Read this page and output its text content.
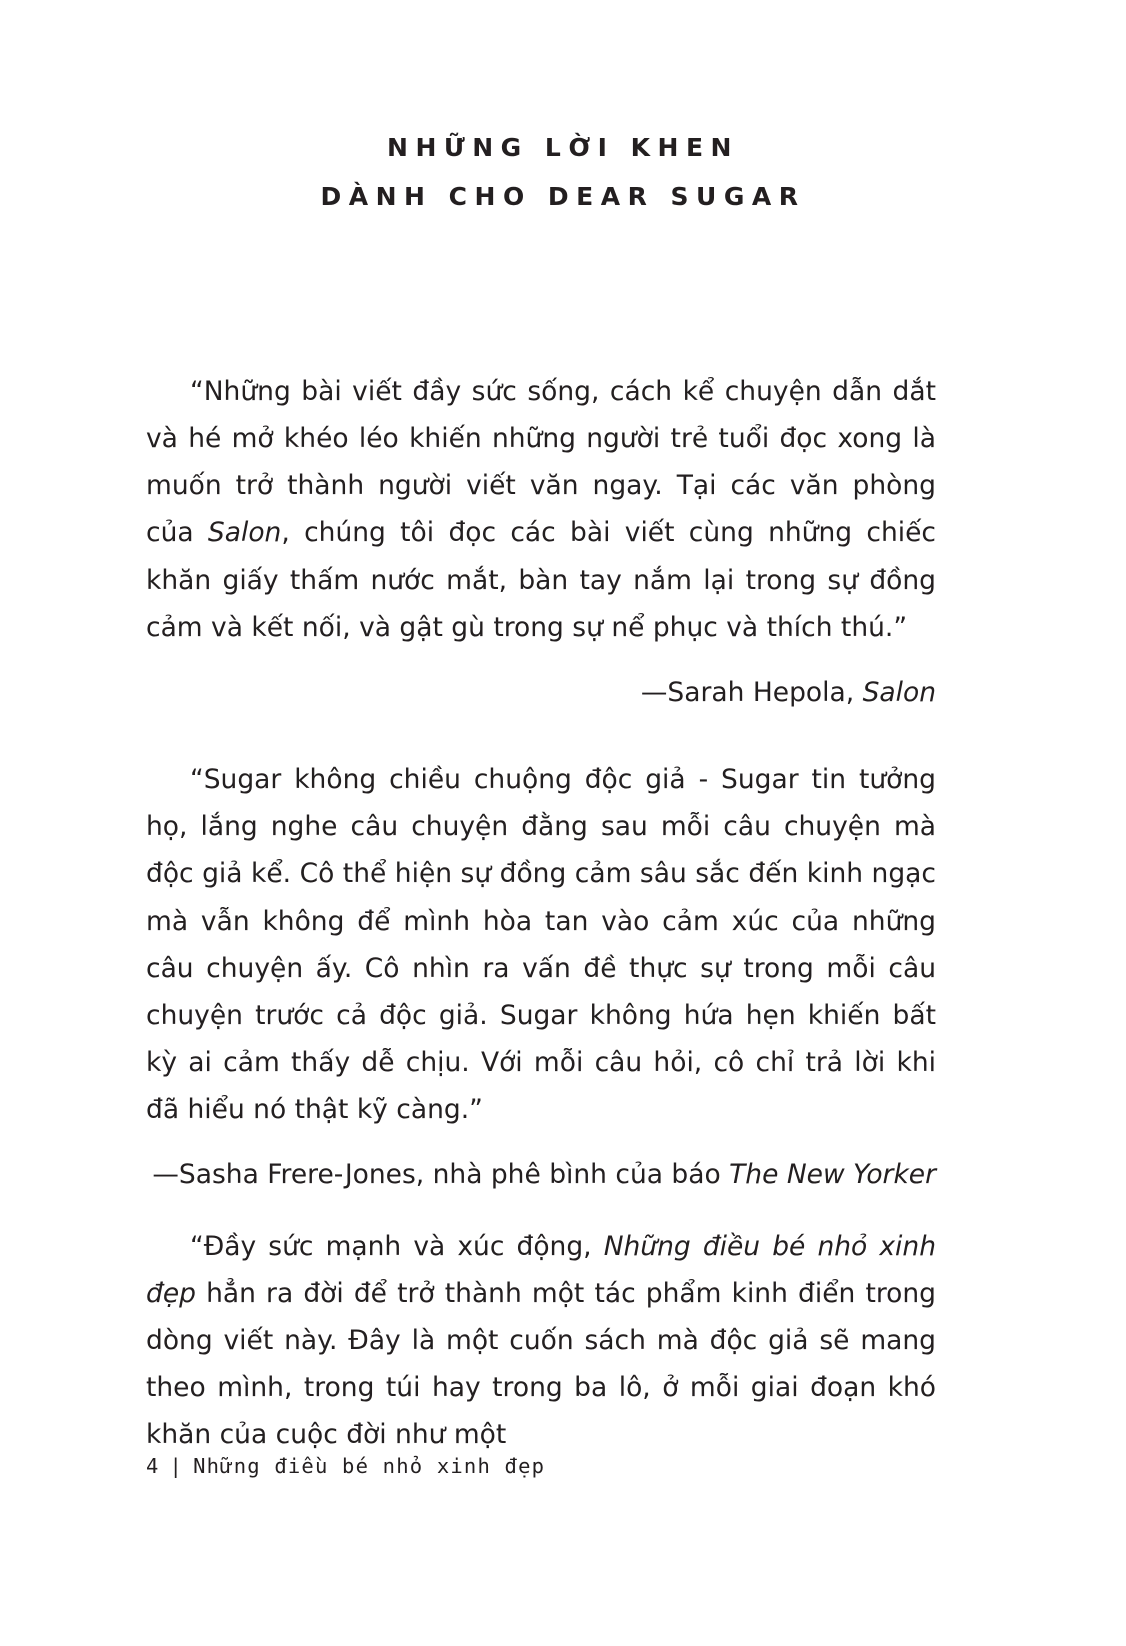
NHỮNG LỜI KHEN
DÀNH CHO DEAR SUGAR

“Những bài viết đầy sức sống, cách kể chuyện dẫn dắt và hé mở khéo léo khiến những người trẻ tuổi đọc xong là muốn trở thành người viết văn ngay. Tại các văn phòng của Salon, chúng tôi đọc các bài viết cùng những chiếc khăn giấy thấm nước mắt, bàn tay nắm lại trong sự đồng cảm và kết nối, và gật gù trong sự nể phục và thích thú.”

—Sarah Hepola, Salon

“Sugar không chiều chuộng độc giả - Sugar tin tưởng họ, lắng nghe câu chuyện đằng sau mỗi câu chuyện mà độc giả kể. Cô thể hiện sự đồng cảm sâu sắc đến kinh ngạc mà vẫn không để mình hòa tan vào cảm xúc của những câu chuyện ấy. Cô nhìn ra vấn đề thực sự trong mỗi câu chuyện trước cả độc giả. Sugar không hứa hẹn khiến bất kỳ ai cảm thấy dễ chịu. Với mỗi câu hỏi, cô chỉ trả lời khi đã hiểu nó thật kỹ càng.”

—Sasha Frere-Jones, nhà phê bình của báo The New Yorker

“Đầy sức mạnh và xúc động, Những điều bé nhỏ xinh đẹp hẳn ra đời để trở thành một tác phẩm kinh điển trong dòng viết này. Đây là một cuốn sách mà độc giả sẽ mang theo mình, trong túi hay trong ba lô, ở mỗi giai đoạn khó khăn của cuộc đời như một

4 | Những điều bé nhỏ xinh đẹp
